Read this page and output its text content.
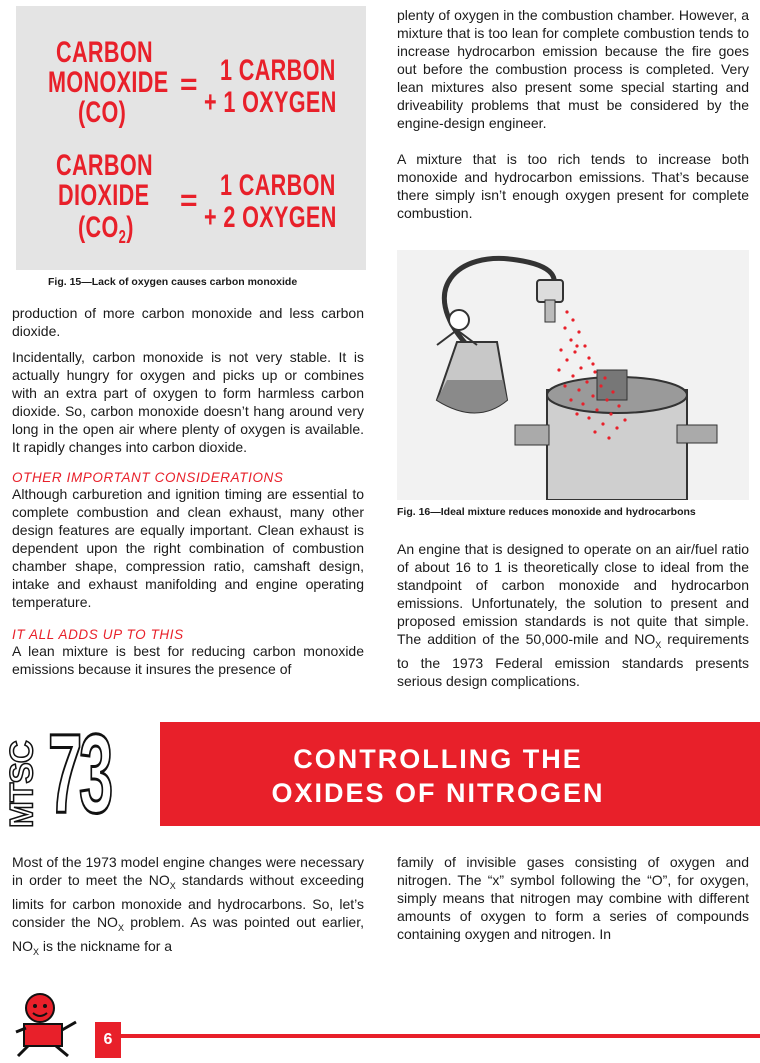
CARBON
MONOXIDE
(CO)
= 1 CARBON
+ 1 OXYGEN
CARBON
DIOXIDE
$(CO_2)$
= 1 CARBON
+ 2 OXYGEN
Fig. 15—Lack of oxygen causes carbon monoxide

production of more carbon monoxide and less carbon dioxide.

Incidentally, carbon monoxide is not very stable. It is actually hungry for oxygen and picks up or combines with an extra part of oxygen to form harmless carbon dioxide. So, carbon monoxide doesn’t hang around very long in the open air where plenty of oxygen is available. It rapidly changes into carbon dioxide.

OTHER IMPORTANT CONSIDERATIONS

Although carburetion and ignition timing are essential to complete combustion and clean exhaust, many other design features are equally important. Clean exhaust is dependent upon the right combination of combustion chamber shape, compression ratio, camshaft design, intake and exhaust manifolding and engine operating temperature.

IT ALL ADDS UP TO THIS

A lean mixture is best for reducing carbon monoxide emissions because it insures the presence of

plenty of oxygen in the combustion chamber. However, a mixture that is too lean for complete combustion tends to increase hydrocarbon emission because the fire goes out before the combustion process is completed. Very lean mixtures also present some special starting and driveability problems that must be considered by the engine-design engineer.

A mixture that is too rich tends to increase both monoxide and hydrocarbon emissions. That’s because there simply isn’t enough oxygen present for complete combustion.

Fig. 16—Ideal mixture reduces monoxide and hydrocarbons

An engine that is designed to operate on an air/fuel ratio of about 16 to 1 is theoretically close to ideal from the standpoint of carbon monoxide and hydrocarbon emissions. Unfortunately, the solution to present and proposed emission standards is not quite that simple. The addition of the 50,000-mile and $NO_X$ requirements to the 1973 Federal emission standards presents serious design complications.

MTSC 73	CONTROLLING THE
OXIDES OF NITROGEN

Most of the 1973 model engine changes were necessary in order to meet the $NO_X$ standards without exceeding limits for carbon monoxide and hydrocarbons. So, let’s consider the $NO_X$ problem. As was pointed out earlier, $NO_X$ is the nickname for a

family of invisible gases consisting of oxygen and nitrogen. The “x” symbol following the “O”, for oxygen, simply means that nitrogen may combine with different amounts of oxygen to form a series of compounds containing oxygen and nitrogen. In

6
